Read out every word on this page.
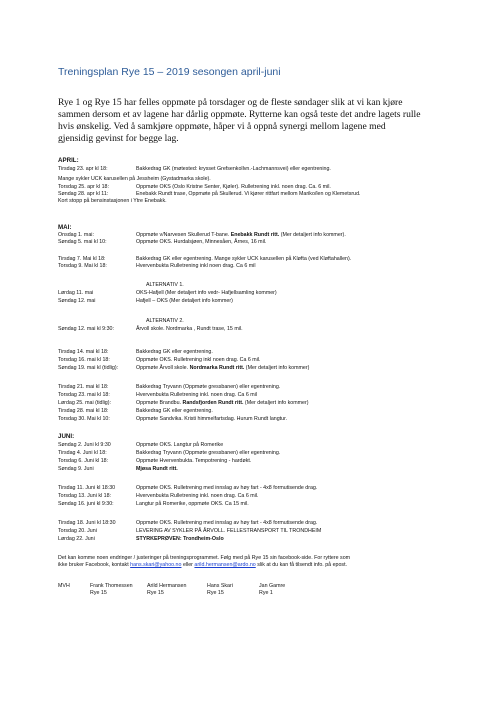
Treningsplan Rye 15 – 2019 sesongen april-juni
Rye 1 og Rye 15 har felles oppmøte på torsdager og de fleste søndager slik at vi kan kjøre
sammen dersom et av lagene har dårlig oppmøte. Rytterne kan også teste det andre lagets rulle
hvis ønskelig. Ved å samkjøre oppmøte, håper vi å oppnå synergi mellom lagene med
gjensidig gevinst for begge lag.
APRIL:
Tirsdag 23. apr kl 18:	Bakkedrag GK (møtested: krysset Grefsenkollvn.-Lachmannsvei) eller egentrening.
Mange sykler UCK karusellen på Jessheim (Gystadmarka skole).
Torsdag 25. apr kl 18:	Oppmøte OKS (Oslo Kristne Senter, Kjøler). Rulletrening inkl. noen drag. Ca. 6 mil.
Søndag 28. apr kl 11:	Enebakk Rundt trase, Oppmøte på Skullerud. Vi kjører rittfart mellom Mariko/len og Klemetsrud.
Kort stopp på bensinstasjonen i Ytre Enebakk.
MAI:
Onsdag 1. mai:	Oppmøte v/Narvesen Skullerud T-bane. Enebakk Rundt ritt. (Mer detaljert info kommer).
Søndag 5. mai kl 10:	Oppmøte OKS. Hurdalsjøen, Minnesåen, Årnes, 16 mil.
Tirsdag 7. Mai kl 18:	Bakkedrag GK eller egentrening. Mange sykler UCK karusellen på Kløfta (ved Kløftahallen).
Torsdag 9. Mai kl 18:	Hvervenbukta Rulletrening inkl noen drag. Ca 6 mil
ALTERNATIV 1.
Lørdag 11. mai	OKS-Hafjell (Mer detaljert info vedr- Hafjellsamling kommer)
Søndag 12. mai	Hafjell – OKS (Mer detaljert info kommer)
ALTERNATIV 2.
Søndag 12. mai kl 9:30:	Årvoll skole. Nordmarka , Rundt trase, 15 mil.
Tirsdag 14. mai kl 18:	Bakkedrag GK eller egentrening.
Torsdag 16. mai kl 18:	Oppmøte OKS. Rulletrening inkl noen drag. Ca 6 mil.
Søndag 19. mai kl (tidlig):	Oppmøte Årvoll skole. Nordmarka Rundt ritt. (Mer detaljert info kommer)
Tirsdag 21. mai kl 18:	Bakkedrag Tryvann (Oppmøte gressbanen) eller egentrening.
Torsdag 23. mai kl 18:	Hvervenbukta Rulletrening inkl. noen drag. Ca 6 mil
Lørdag 25. mai (tidlig):	Oppmøte Brandbu. Randsfjorden Rundt ritt. (Mer detaljert info kommer)
Tirsdag 28. mai kl 18:	Bakkedrag GK eller egentrening.
Torsdag 30. Mai kl 10:	Oppmøte Sandvika. Kristi himmelfartsdag. Hurum Rundt langtur.
JUNI:
Søndag 2. Juni kl 9:30	Oppmøte OKS. Langtur på Romerike
Tirsdag 4. Juni kl 18:	Bakkedrag Tryvann (Oppmøte gressbanen) eller egentrening.
Torsdag 6. Juni kl 18:	Oppmøte Hvervenbukta. Tempotrening - hardøkt.
Søndag 9. Juni	Mjøsa Rundt ritt.
Tirsdag 11. Juni kl 18:30	Oppmøte OKS. Rulletrening med innslag av høy fart - 4x8 formutisende drag.
Torsdag 13. Juni kl 18:	Hvervenbukta Rulletrening inkl. noen drag. Ca 6 mil.
Søndag 16. juni kl 9:30:	Langtur på Romerike, oppmøte OKS. Ca 15 mil.
Tirsdag 18. Juni kl 18:30	Oppmøte OKS. Rulletrening med innslag av høy fart - 4x8 formutisende drag.
Torsdag 20. Juni	LEVERING AV SYKLER PÅ ÅRVOLL. FELLESTRANSPORT TIL TRONDHEIM
Lørdag 22. Juni	STYRKEPRØVEN: Trondheim-Oslo
Det kan komme noen endringer / justeringer på treningsprogrammet. Følg med på Rye 15 sin facebook-side. For ryttere som
ikke bruker Facebook, kontakt hans.skari@yahoo.no eller arild.hermansen@ardo.no slik at du kan få tilsendt info. på epost.
MVH	Frank Thomessen
Rye 15
Arild Hermansen
Rye 15
Hans Skari
Rye 15
Jan Gamre
Rye 1
